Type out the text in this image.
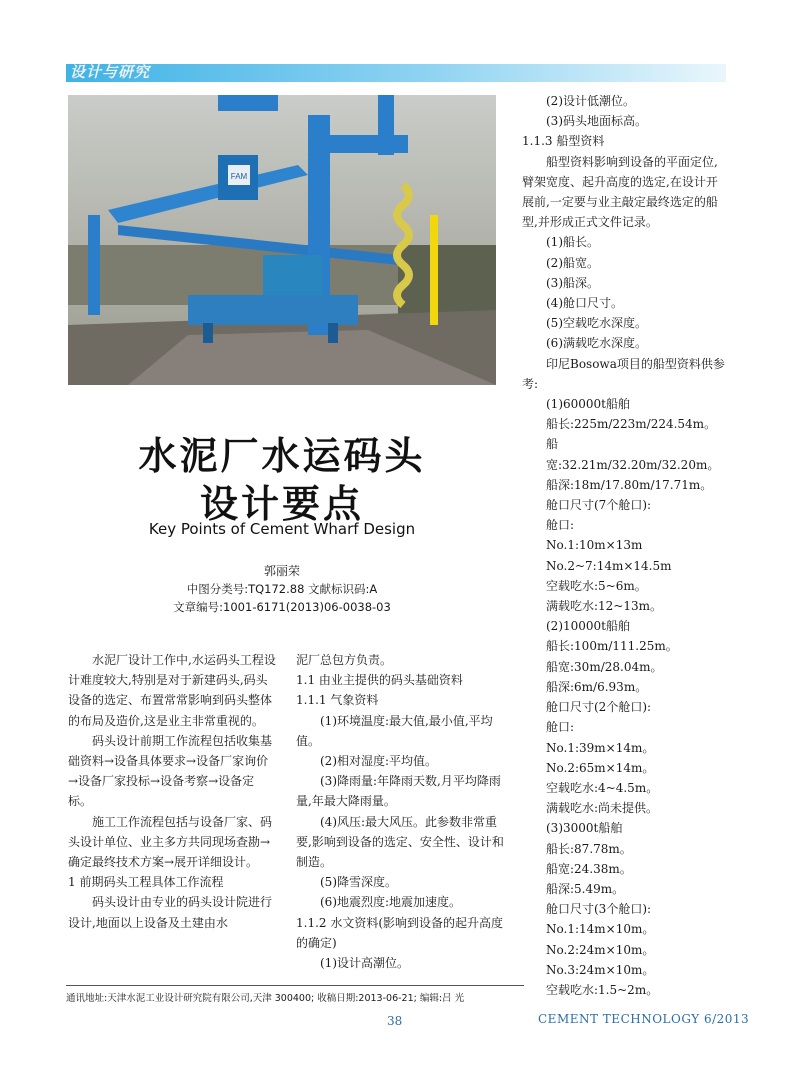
设计与研究
FAM
水泥厂水运码头
设计要点
Key Points of Cement Wharf Design
郭丽荣
中图分类号:TQ172.88 文献标识码:A
文章编号:1001-6171(2013)06-0038-03

水泥厂设计工作中,水运码头工程设计难度较大,特别是对于新建码头,码头设备的选定、布置常常影响到码头整体的布局及造价,这是业主非常重视的。

码头设计前期工作流程包括收集基础资料→设备具体要求→设备厂家询价→设备厂家投标→设备考察→设备定标。

施工工作流程包括与设备厂家、码头设计单位、业主多方共同现场查勘→确定最终技术方案→展开详细设计。

1 前期码头工程具体工作流程

码头设计由专业的码头设计院进行设计,地面以上设备及土建由水

泥厂总包方负责。

1.1 由业主提供的码头基础资料

1.1.1 气象资料

(1)环境温度:最大值,最小值,平均值。

(2)相对湿度:平均值。

(3)降雨量:年降雨天数,月平均降雨量,年最大降雨量。

(4)风压:最大风压。此参数非常重要,影响到设备的选定、安全性、设计和制造。

(5)降雪深度。

(6)地震烈度:地震加速度。

1.1.2 水文资料(影响到设备的起升高度的确定)

(1)设计高潮位。

(2)设计低潮位。

(3)码头地面标高。

1.1.3 船型资料

船型资料影响到设备的平面定位,臂架宽度、起升高度的选定,在设计开展前,一定要与业主敲定最终选定的船型,并形成正式文件记录。

(1)船长。

(2)船宽。

(3)船深。

(4)舱口尺寸。

(5)空载吃水深度。

(6)满载吃水深度。

印尼Bosowa项目的船型资料供参考:

(1)60000t船舶

船长:225m/223m/224.54m。

船宽:32.21m/32.20m/32.20m。

船深:18m/17.80m/17.71m。

舱口尺寸(7个舱口):

舱口:

No.1:10m×13m

No.2~7:14m×14.5m

空载吃水:5~6m。

满载吃水:12~13m。

(2)10000t船舶

船长:100m/111.25m。

船宽:30m/28.04m。

船深:6m/6.93m。

舱口尺寸(2个舱口):

舱口:

No.1:39m×14m。

No.2:65m×14m。

空载吃水:4~4.5m。

满载吃水:尚未提供。

(3)3000t船舶

船长:87.78m。

船宽:24.38m。

船深:5.49m。

舱口尺寸(3个舱口):

No.1:14m×10m。

No.2:24m×10m。

No.3:24m×10m。

空载吃水:1.5~2m。

通讯地址:天津水泥工业设计研究院有限公司,天津 300400; 收稿日期:2013-06-21; 编辑:吕 光
38	CEMENT TECHNOLOGY 6/2013
